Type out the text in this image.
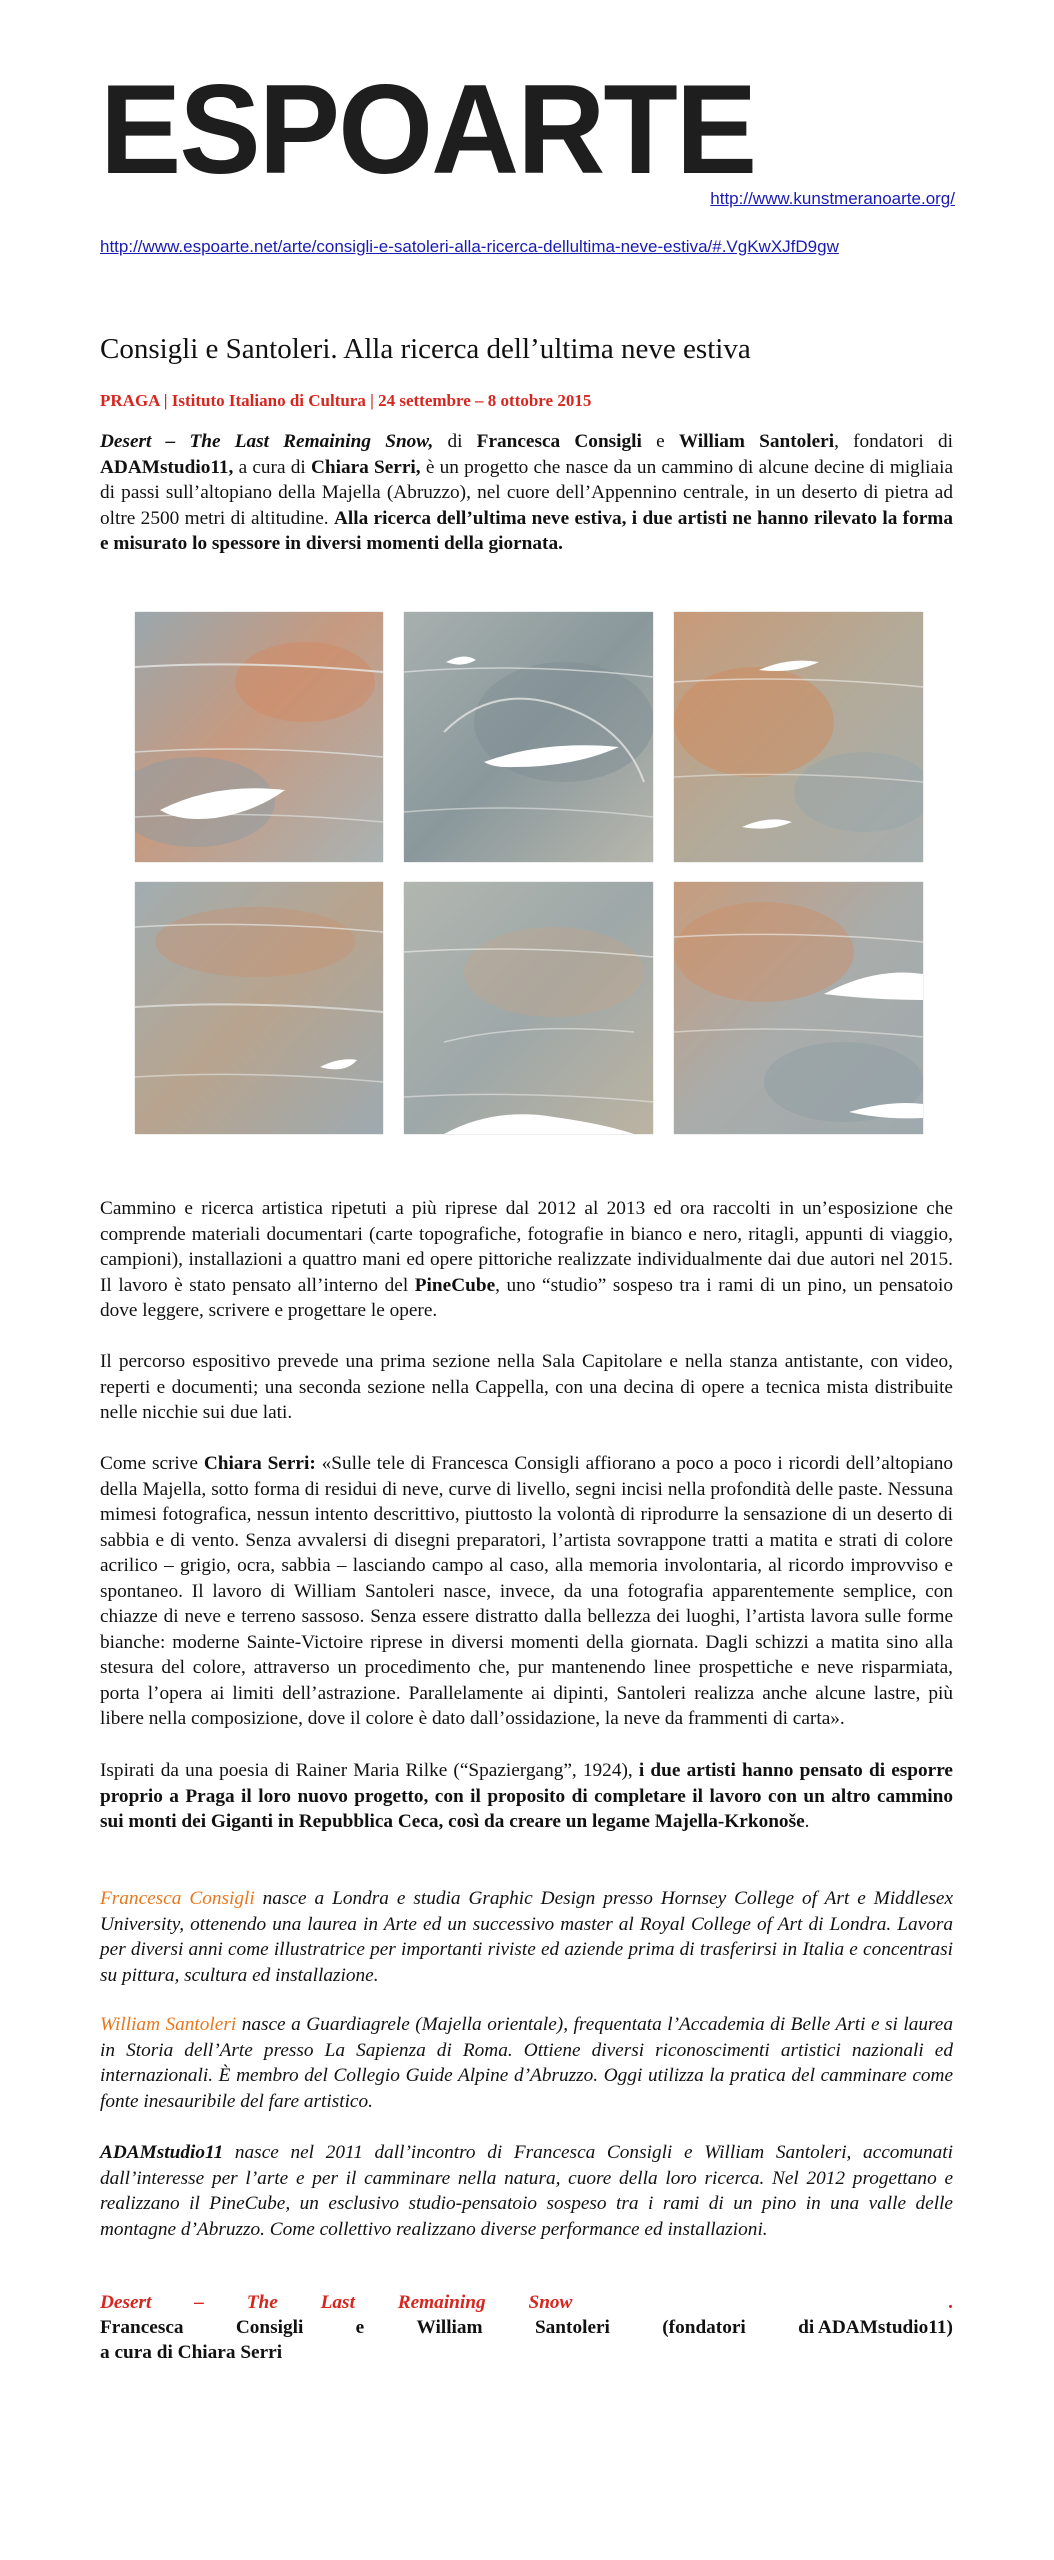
ESPOARTE
http://www.kunstmeranoarte.org/
http://www.espoarte.net/arte/consigli-e-satoleri-alla-ricerca-dellultima-neve-estiva/#.VgKwXJfD9gw
Consigli e Santoleri. Alla ricerca dell’ultima neve estiva
PRAGA | Istituto Italiano di Cultura | 24 settembre – 8 ottobre 2015

Desert – The Last Remaining Snow, di Francesca Consigli e William Santoleri, fondatori di ADAMstudio11, a cura di Chiara Serri, è un progetto che nasce da un cammino di alcune decine di migliaia di passi sull’altopiano della Majella (Abruzzo), nel cuore dell’Appennino centrale, in un deserto di pietra ad oltre 2500 metri di altitudine. Alla ricerca dell’ultima neve estiva, i due artisti ne hanno rilevato la forma e misurato lo spessore in diversi momenti della giornata.

Cammino e ricerca artistica ripetuti a più riprese dal 2012 al 2013 ed ora raccolti in un’esposizione che comprende materiali documentari (carte topografiche, fotografie in bianco e nero, ritagli, appunti di viaggio, campioni), installazioni a quattro mani ed opere pittoriche realizzate individualmente dai due autori nel 2015. Il lavoro è stato pensato all’interno del PineCube, uno “studio” sospeso tra i rami di un pino, un pensatoio dove leggere, scrivere e progettare le opere.

Il percorso espositivo prevede una prima sezione nella Sala Capitolare e nella stanza antistante, con video, reperti e documenti; una seconda sezione nella Cappella, con una decina di opere a tecnica mista distribuite nelle nicchie sui due lati.

Come scrive Chiara Serri: «Sulle tele di Francesca Consigli affiorano a poco a poco i ricordi dell’altopiano della Majella, sotto forma di residui di neve, curve di livello, segni incisi nella profondità delle paste. Nessuna mimesi fotografica, nessun intento descrittivo, piuttosto la volontà di riprodurre la sensazione di un deserto di sabbia e di vento. Senza avvalersi di disegni preparatori, l’artista sovrappone tratti a matita e strati di colore acrilico – grigio, ocra, sabbia – lasciando campo al caso, alla memoria involontaria, al ricordo improvviso e spontaneo. Il lavoro di William Santoleri nasce, invece, da una fotografia apparentemente semplice, con chiazze di neve e terreno sassoso. Senza essere distratto dalla bellezza dei luoghi, l’artista lavora sulle forme bianche: moderne Sainte-Victoire riprese in diversi momenti della giornata. Dagli schizzi a matita sino alla stesura del colore, attraverso un procedimento che, pur mantenendo linee prospettiche e neve risparmiata, porta l’opera ai limiti dell’astrazione. Parallelamente ai dipinti, Santoleri realizza anche alcune lastre, più libere nella composizione, dove il colore è dato dall’ossidazione, la neve da frammenti di carta».

Ispirati da una poesia di Rainer Maria Rilke (“Spaziergang”, 1924), i due artisti hanno pensato di esporre proprio a Praga il loro nuovo progetto, con il proposito di completare il lavoro con un altro cammino sui monti dei Giganti in Repubblica Ceca, così da creare un legame Majella-Krkonoše.

Francesca Consigli nasce a Londra e studia Graphic Design presso Hornsey College of Art e Middlesex University, ottenendo una laurea in Arte ed un successivo master al Royal College of Art di Londra. Lavora per diversi anni come illustratrice per importanti riviste ed aziende prima di trasferirsi in Italia e concentrasi su pittura, scultura ed installazione.

William Santoleri nasce a Guardiagrele (Majella orientale), frequentata l’Accademia di Belle Arti e si laurea in Storia dell’Arte presso La Sapienza di Roma. Ottiene diversi riconoscimenti artistici nazionali ed internazionali. È membro del Collegio Guide Alpine d’Abruzzo. Oggi utilizza la pratica del camminare come fonte inesauribile del fare artistico.

ADAMstudio11 nasce nel 2011 dall’incontro di Francesca Consigli e William Santoleri, accomunati dall’interesse per l’arte e per il camminare nella natura, cuore della loro ricerca. Nel 2012 progettano e realizzano il PineCube, un esclusivo studio-pensatoio sospeso tra i rami di un pino in una valle delle montagne d’Abruzzo. Come collettivo realizzano diverse performance ed installazioni.

Desert – The Last Remaining Snow	.
Francesca	Consigli	e	William	Santoleri	(fondatori	di ADAMstudio11)
a cura di Chiara Serri
